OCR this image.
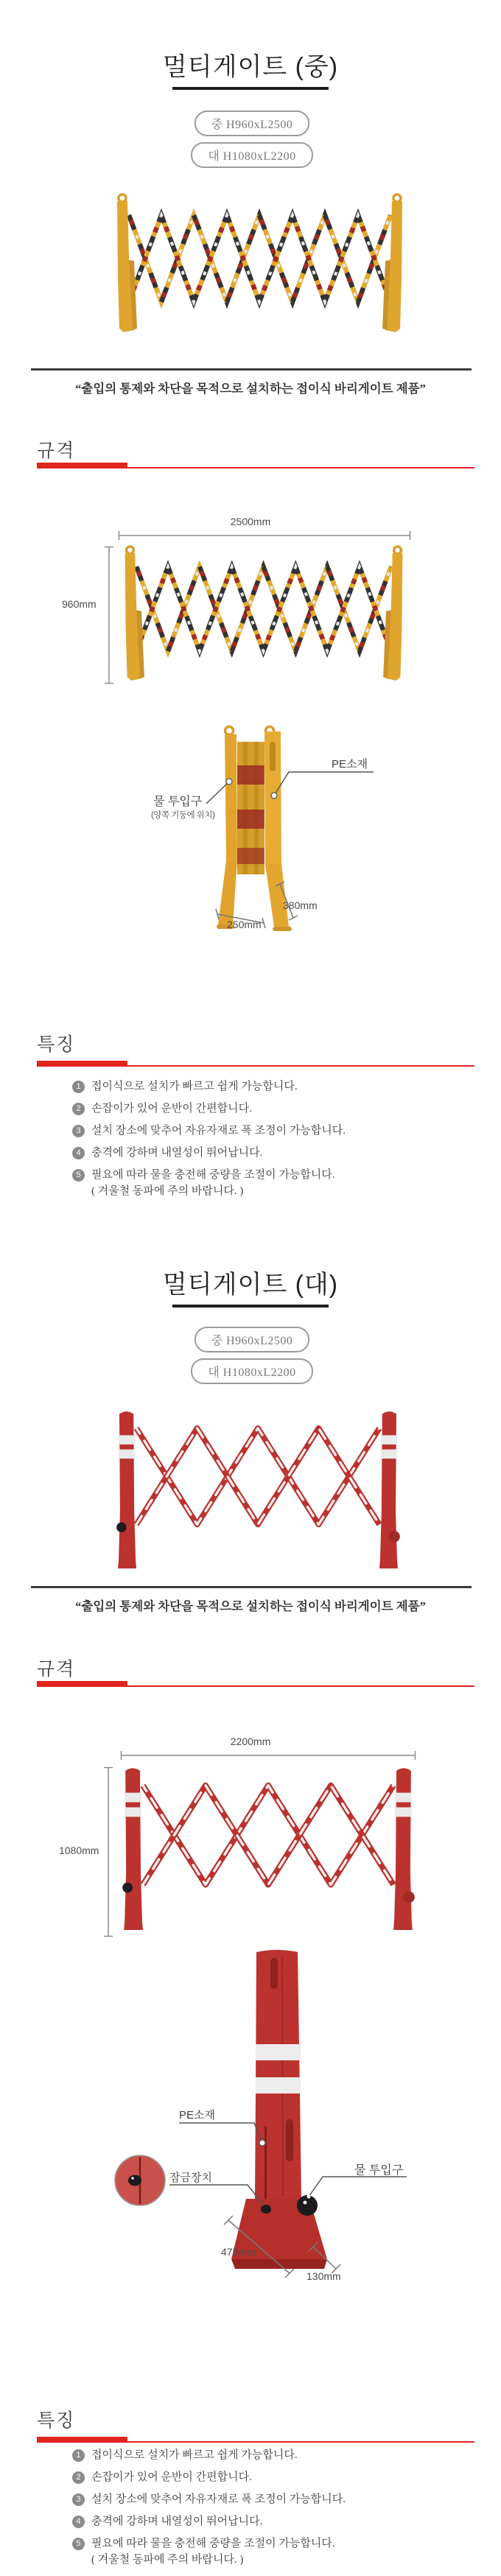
멀티게이트 (중)
중 H960xL2500
대 H1080xL2200
“출입의 통제와 차단을 목적으로 설치하는 접이식 바리게이트 제품”
규격
2500mm
960mm
PE소재
물 투입구
(양쪽 기둥에 위치)
380mm
250mm
특징
1 접이식으로 설치가 빠르고 쉽게 가능합니다.
2 손잡이가 있어 운반이 간편합니다.
3 설치 장소에 맞추어 자유자재로 폭 조정이 가능합니다.
4 충격에 강하며 내열성이 뛰어납니다.
5 필요에 따라 물을 충전해 중량을 조절이 가능합니다.
( 겨울철 동파에 주의 바랍니다. )
멀티게이트 (대)
중 H960xL2500
대 H1080xL2200
“출입의 통제와 차단을 목적으로 설치하는 접이식 바리게이트 제품”
규격
2200mm
1080mm
PE소재
잠금장치
물 투입구
475mm
130mm
특징
1 접이식으로 설치가 빠르고 쉽게 가능합니다.
2 손잡이가 있어 운반이 간편합니다.
3 설치 장소에 맞추어 자유자재로 폭 조정이 가능합니다.
4 충격에 강하며 내열성이 뛰어납니다.
5 필요에 따라 물을 충전해 중량을 조절이 가능합니다.
( 겨울철 동파에 주의 바랍니다. )
